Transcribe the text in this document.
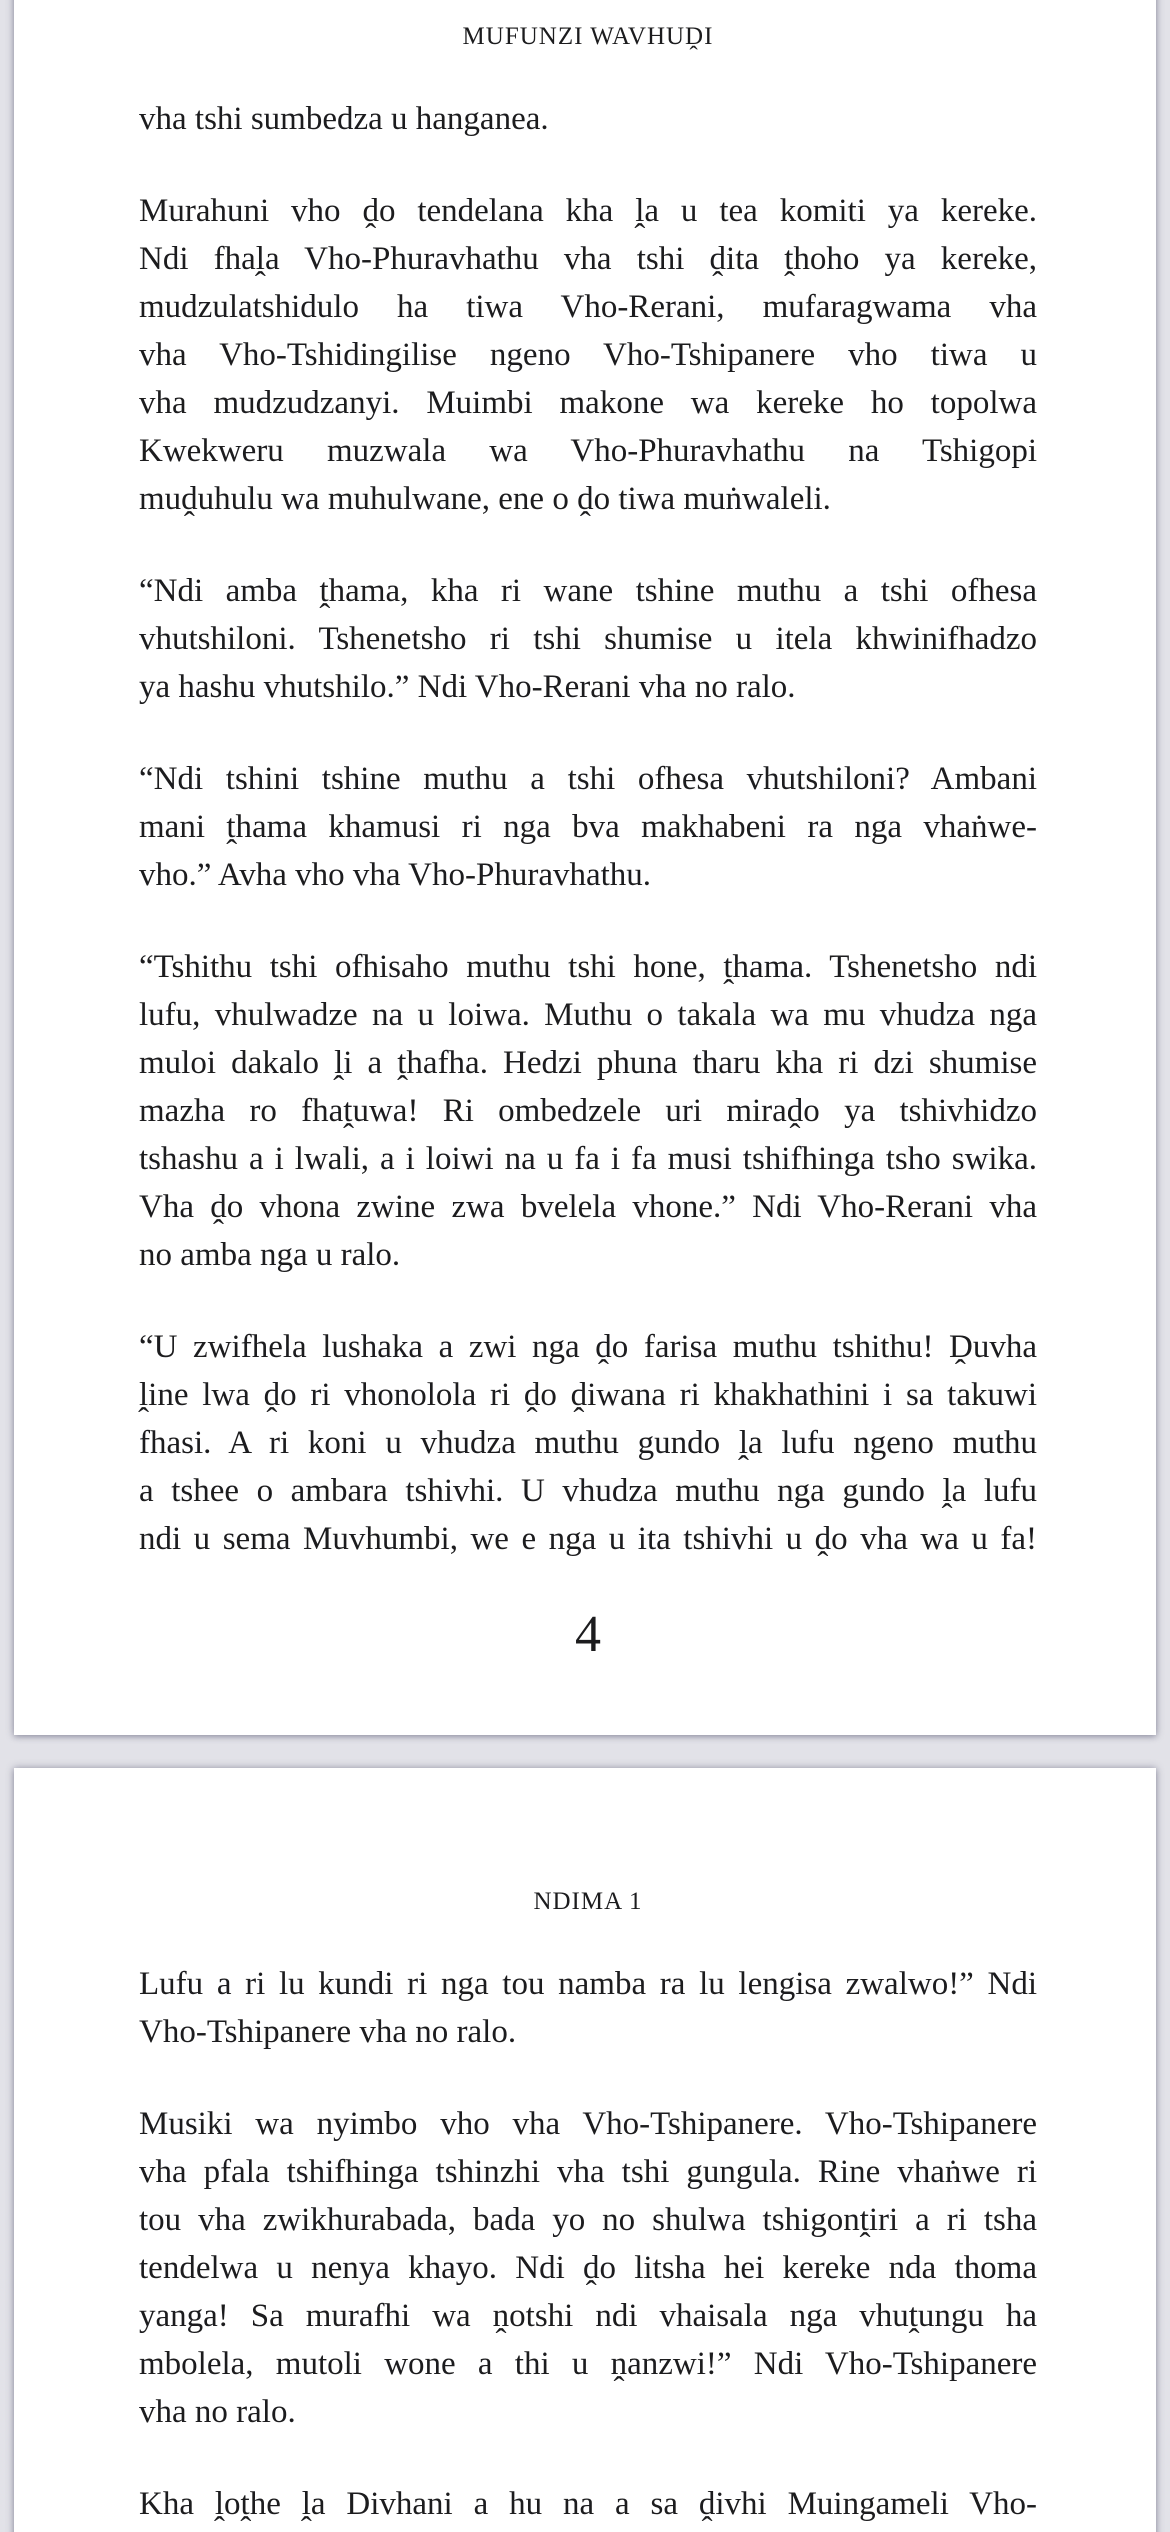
MUFUNZI WAVHUḒI
vha tshi sumbedza u hanganea.
Murahuni vho ḓo tendelana kha ḽa u tea komiti ya kereke.
Ndi fhaḽa Vho-Phuravhathu vha tshi ḓita ṱhoho ya kereke,
mudzulatshidulo ha tiwa Vho-Rerani, mufaragwama vha
vha Vho-Tshidingilise ngeno Vho-Tshipanere vho tiwa u
vha mudzudzanyi. Muimbi makone wa kereke ho topolwa
Kwekweru muzwala wa Vho-Phuravhathu na Tshigopi
muḓuhulu wa muhulwane, ene o ḓo tiwa muṅwaleli.
“Ndi amba ṱhama, kha ri wane tshine muthu a tshi ofhesa
vhutshiloni. Tshenetsho ri tshi shumise u itela khwinifhadzo
ya hashu vhutshilo.” Ndi Vho-Rerani vha no ralo.
“Ndi tshini tshine muthu a tshi ofhesa vhutshiloni? Ambani
mani ṱhama khamusi ri nga bva makhabeni ra nga vhaṅwe-
vho.” Avha vho vha Vho-Phuravhathu.
“Tshithu tshi ofhisaho muthu tshi hone, ṱhama. Tshenetsho ndi
lufu, vhulwadze na u loiwa. Muthu o takala wa mu vhudza nga
muloi dakalo ḽi a ṱhafha. Hedzi phuna tharu kha ri dzi shumise
mazha ro fhaṱuwa! Ri ombedzele uri miraḓo ya tshivhidzo
tshashu a i lwali, a i loiwi na u fa i fa musi tshifhinga tsho swika.
Vha ḓo vhona zwine zwa bvelela vhone.” Ndi Vho-Rerani vha
no amba nga u ralo.
“U zwifhela lushaka a zwi nga ḓo farisa muthu tshithu! Ḓuvha
ḽine lwa ḓo ri vhonolola ri ḓo ḓiwana ri khakhathini i sa takuwi
fhasi. A ri koni u vhudza muthu gundo ḽa lufu ngeno muthu
a tshee o ambara tshivhi. U vhudza muthu nga gundo ḽa lufu
ndi u sema Muvhumbi, we e nga u ita tshivhi u ḓo vha wa u fa!
4
NDIMA 1
Lufu a ri lu kundi ri nga tou namba ra lu lengisa zwalwo!” Ndi
Vho-Tshipanere vha no ralo.
Musiki wa nyimbo vho vha Vho-Tshipanere. Vho-Tshipanere
vha pfala tshifhinga tshinzhi vha tshi gungula. Rine vhaṅwe ri
tou vha zwikhurabada, bada yo no shulwa tshigonṱiri a ri tsha
tendelwa u nenya khayo. Ndi ḓo litsha hei kereke nda thoma
yanga! Sa murafhi wa ṋotshi ndi vhaisala nga vhuṱungu ha
mbolela, mutoli wone a thi u ṋanzwi!” Ndi Vho-Tshipanere
vha no ralo.
Kha ḽoṱhe ḽa Divhani a hu na a sa ḓivhi Muingameli Vho-
